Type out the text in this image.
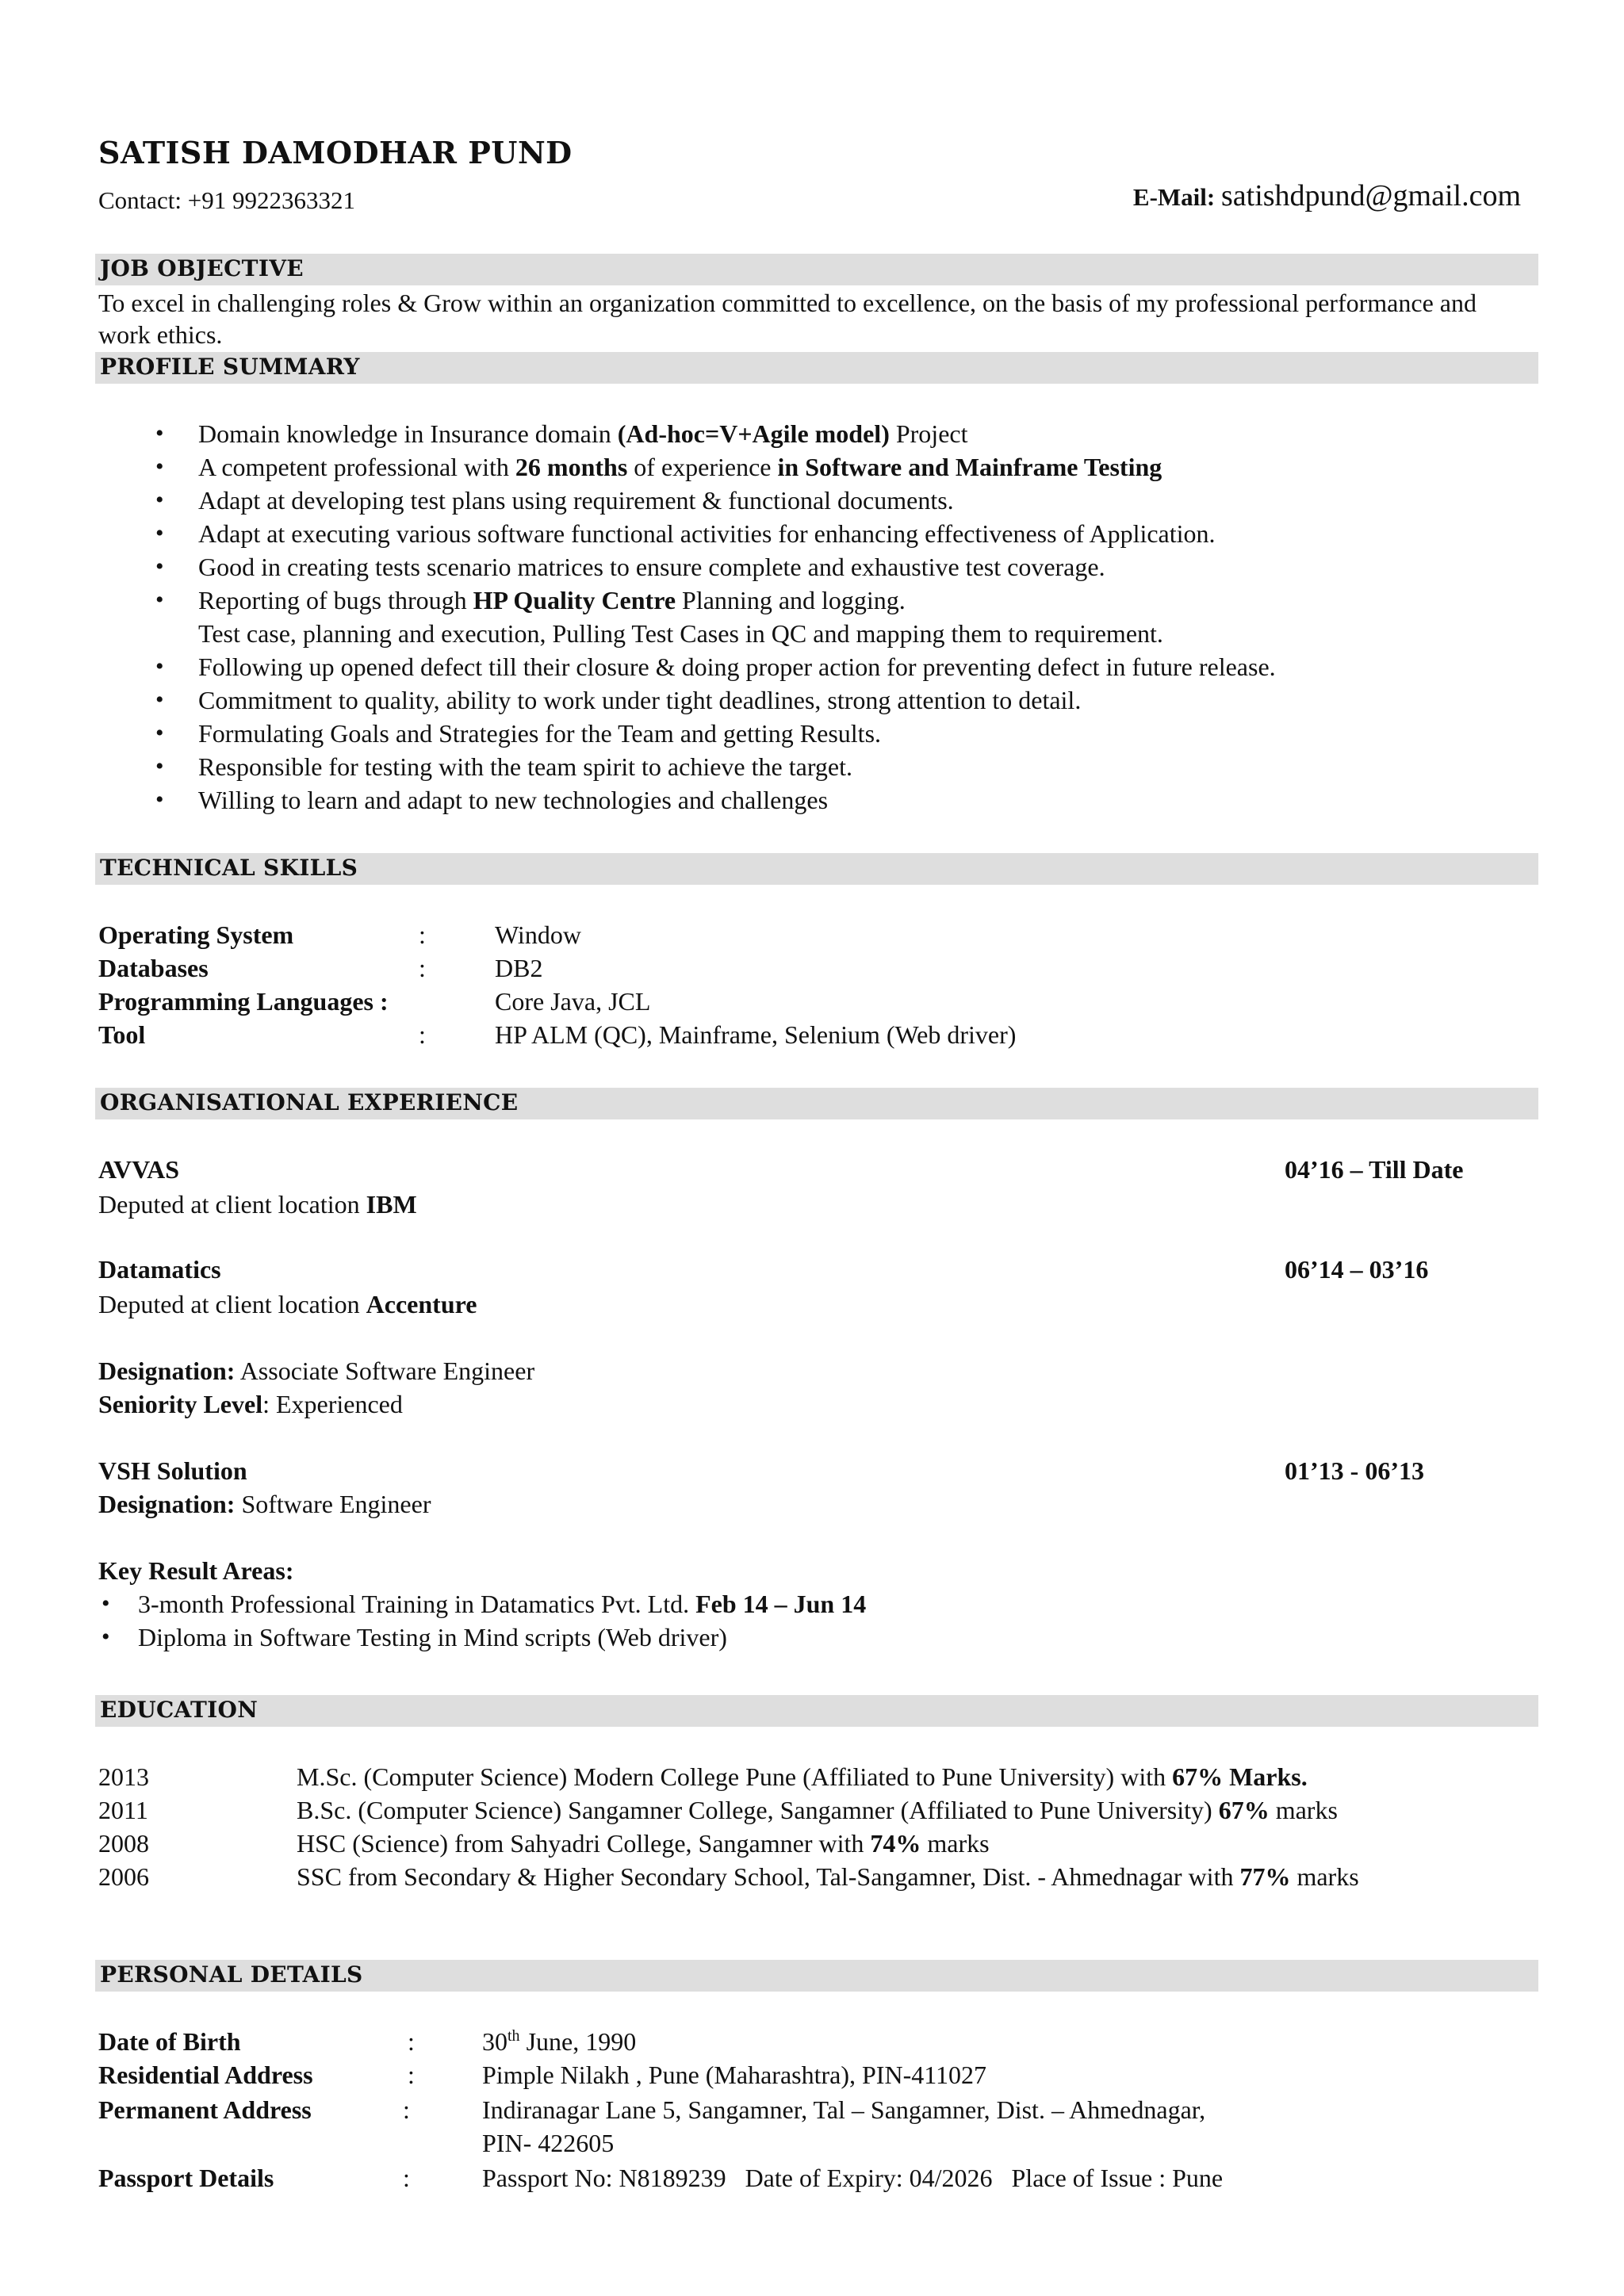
SATISH DAMODHAR PUND
Contact: +91 9922363321	E-Mail: satishdpund@gmail.com
JOB OBJECTIVE
To excel in challenging roles & Grow within an organization committed to excellence, on the basis of my professional performance and work ethics.
PROFILE SUMMARY
• Domain knowledge in Insurance domain (Ad-hoc=V+Agile model) Project
• A competent professional with 26 months of experience in Software and Mainframe Testing
• Adapt at developing test plans using requirement & functional documents.
• Adapt at executing various software functional activities for enhancing effectiveness of Application.
• Good in creating tests scenario matrices to ensure complete and exhaustive test coverage.
• Reporting of bugs through HP Quality Centre Planning and logging.
Test case, planning and execution, Pulling Test Cases in QC and mapping them to requirement.
• Following up opened defect till their closure & doing proper action for preventing defect in future release.
• Commitment to quality, ability to work under tight deadlines, strong attention to detail.
• Formulating Goals and Strategies for the Team and getting Results.
• Responsible for testing with the team spirit to achieve the target.
• Willing to learn and adapt to new technologies and challenges
TECHNICAL SKILLS
Operating System	:	Window
Databases	:	DB2
Programming Languages :	Core Java, JCL
Tool	:	HP ALM (QC), Mainframe, Selenium (Web driver)
ORGANISATIONAL EXPERIENCE
AVVAS	04’16 – Till Date
Deputed at client location IBM
Datamatics	06’14 – 03’16
Deputed at client location Accenture
Designation: Associate Software Engineer
Seniority Level: Experienced
VSH Solution	01’13 - 06’13
Designation: Software Engineer
Key Result Areas:
• 3-month Professional Training in Datamatics Pvt. Ltd. Feb 14 – Jun 14
• Diploma in Software Testing in Mind scripts (Web driver)
EDUCATION
2013	M.Sc. (Computer Science) Modern College Pune (Affiliated to Pune University) with 67% Marks.
2011	B.Sc. (Computer Science) Sangamner College, Sangamner (Affiliated to Pune University) 67% marks
2008	HSC (Science) from Sahyadri College, Sangamner with 74% marks
2006	SSC from Secondary & Higher Secondary School, Tal-Sangamner, Dist. - Ahmednagar with 77% marks
PERSONAL DETAILS
Date of Birth	:	30th June, 1990
Residential Address	:	Pimple Nilakh , Pune (Maharashtra), PIN-411027
Permanent Address	:	Indiranagar Lane 5, Sangamner, Tal – Sangamner, Dist. – Ahmednagar,
PIN- 422605
Passport Details	:	Passport No: N8189239   Date of Expiry: 04/2026   Place of Issue : Pune
